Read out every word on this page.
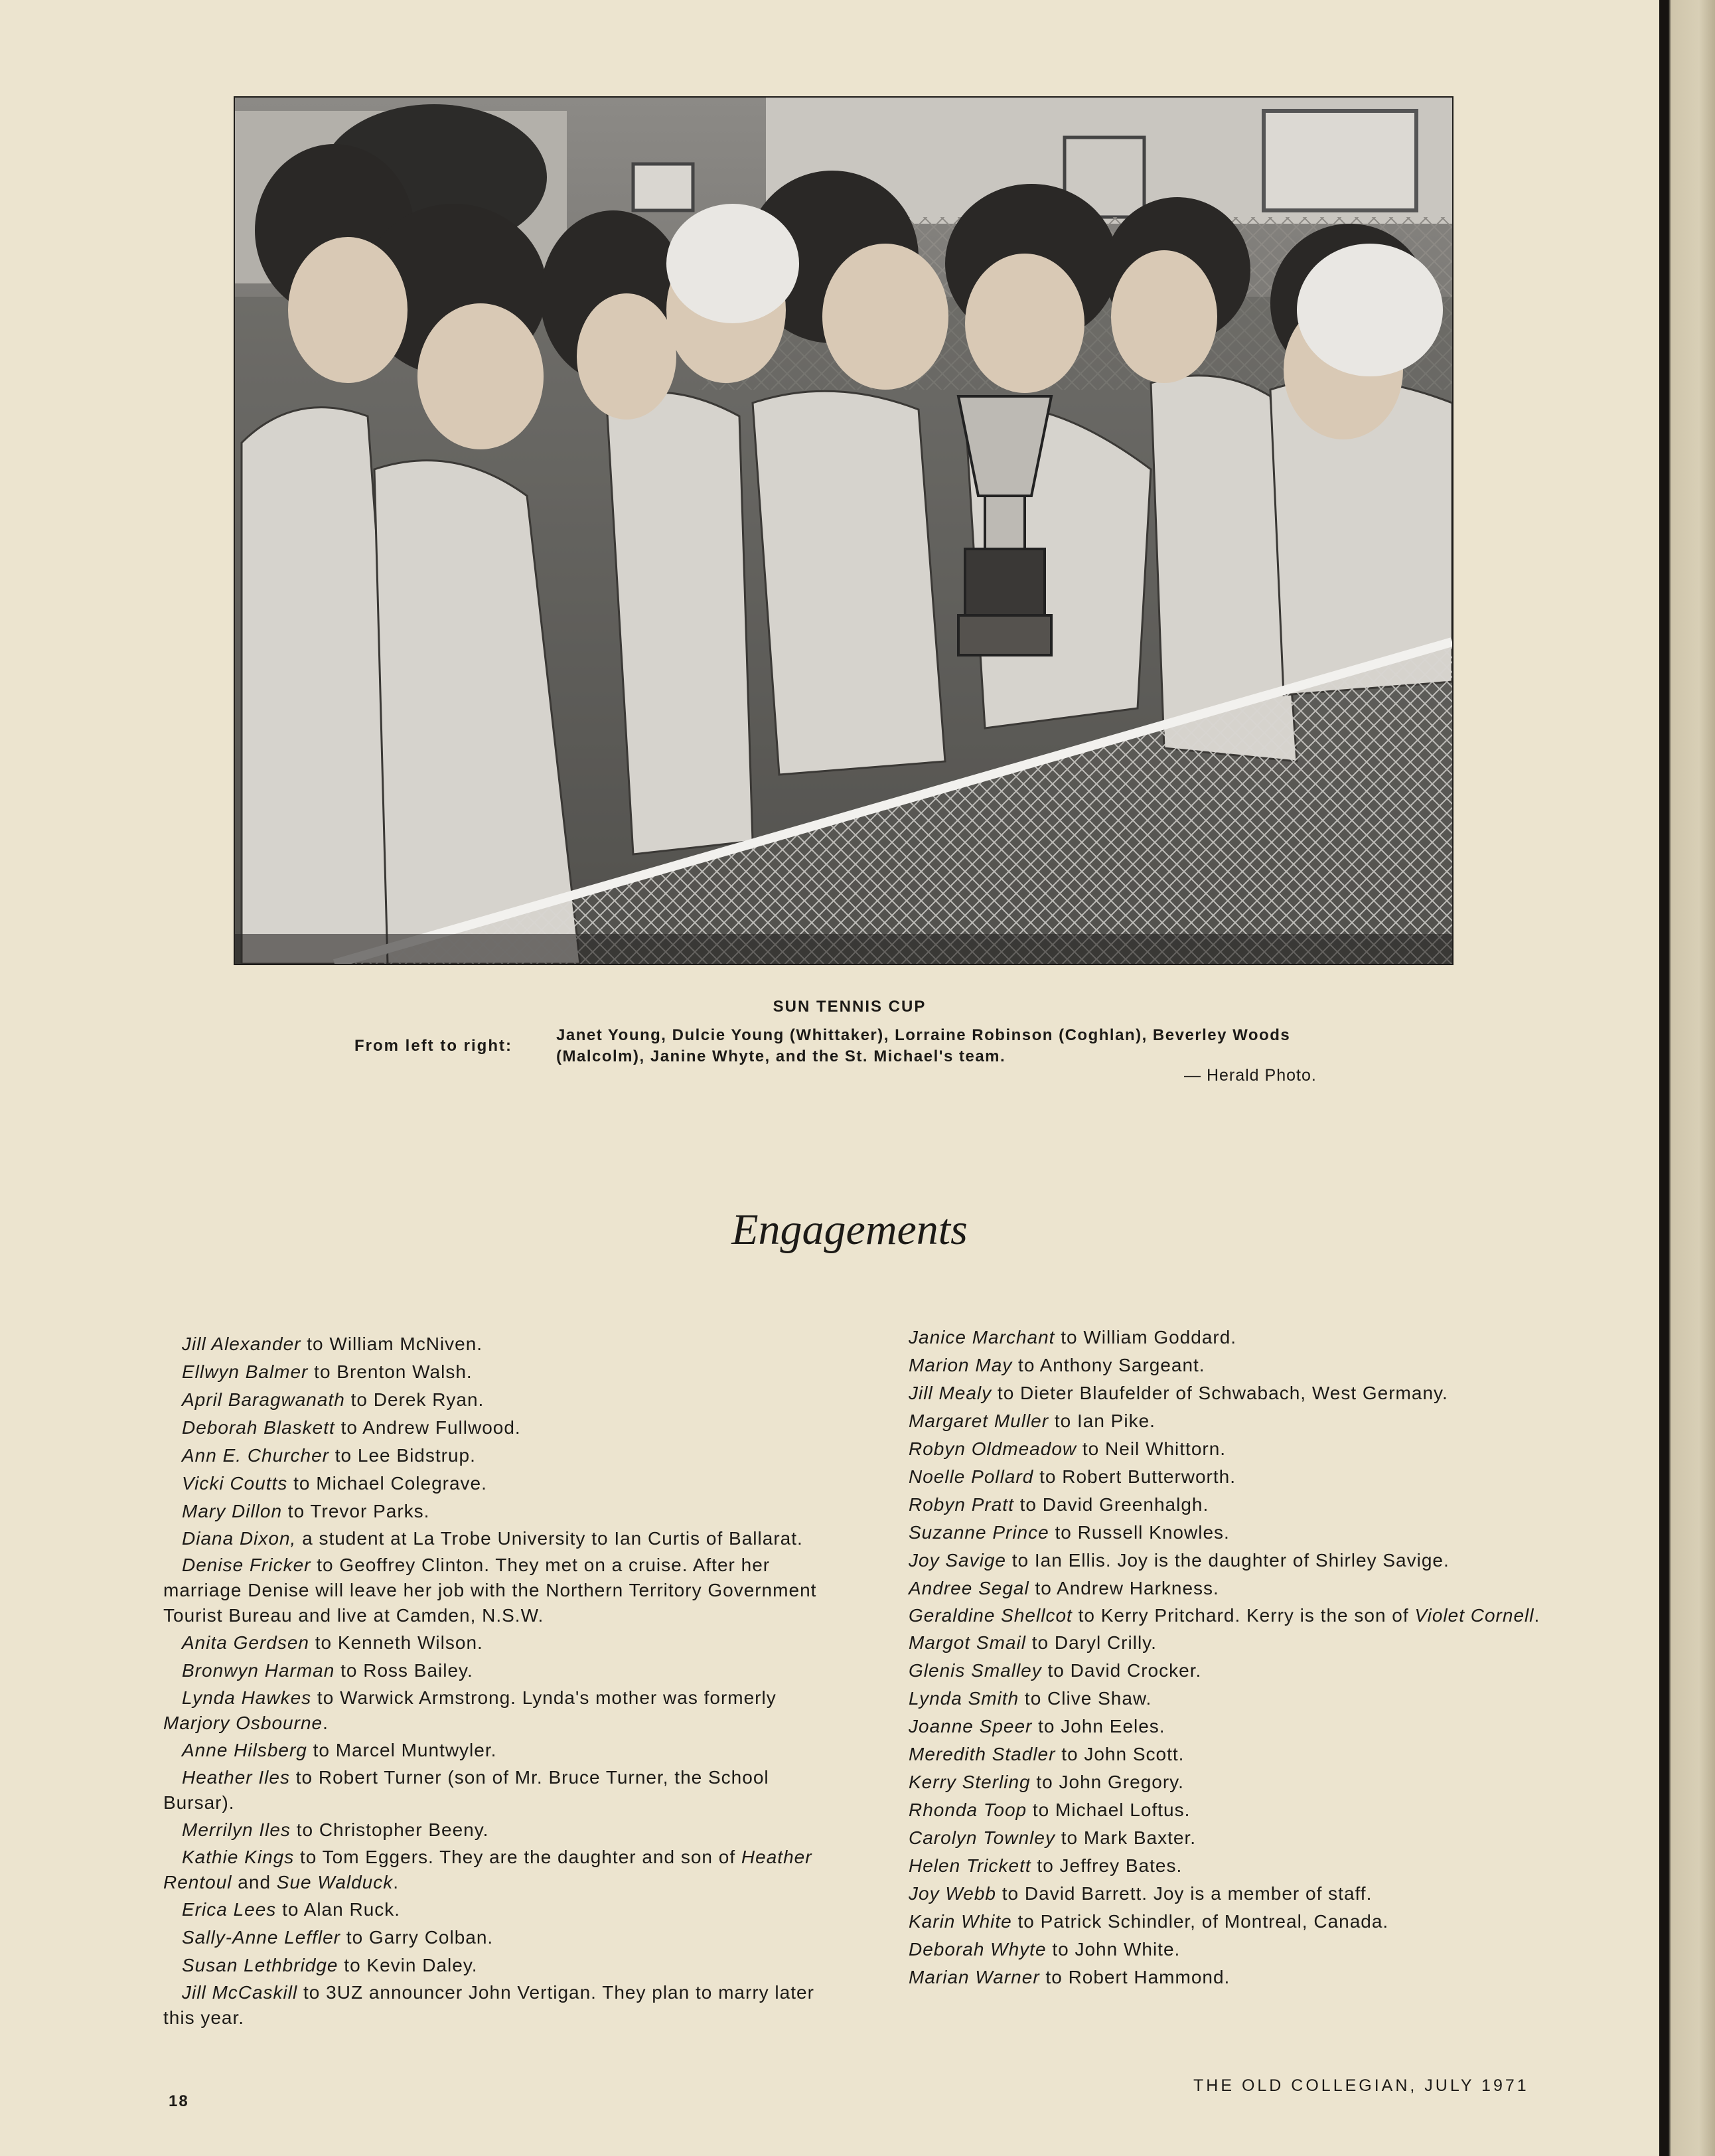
SUN TENNIS CUP
From left to right:
Janet Young, Dulcie Young (Whittaker), Lorraine Robinson (Coghlan), Beverley Woods (Malcolm), Janine Whyte, and the St. Michael's team.
— Herald Photo.
Engagements

Jill Alexander to William McNiven.

Ellwyn Balmer to Brenton Walsh.

April Baragwanath to Derek Ryan.

Deborah Blaskett to Andrew Fullwood.

Ann E. Churcher to Lee Bidstrup.

Vicki Coutts to Michael Colegrave.

Mary Dillon to Trevor Parks.

Diana Dixon, a student at La Trobe University to Ian Curtis of Ballarat.

Denise Fricker to Geoffrey Clinton. They met on a cruise. After her marriage Denise will leave her job with the Northern Territory Government Tourist Bureau and live at Camden, N.S.W.

Anita Gerdsen to Kenneth Wilson.

Bronwyn Harman to Ross Bailey.

Lynda Hawkes to Warwick Armstrong. Lynda's mother was formerly Marjory Osbourne.

Anne Hilsberg to Marcel Muntwyler.

Heather Iles to Robert Turner (son of Mr. Bruce Turner, the School Bursar).

Merrilyn Iles to Christopher Beeny.

Kathie Kings to Tom Eggers. They are the daughter and son of Heather Rentoul and Sue Walduck.

Erica Lees to Alan Ruck.

Sally-Anne Leffler to Garry Colban.

Susan Lethbridge to Kevin Daley.

Jill McCaskill to 3UZ announcer John Vertigan. They plan to marry later this year.

Janice Marchant to William Goddard.

Marion May to Anthony Sargeant.

Jill Mealy to Dieter Blaufelder of Schwabach, West Germany.

Margaret Muller to Ian Pike.

Robyn Oldmeadow to Neil Whittorn.

Noelle Pollard to Robert Butterworth.

Robyn Pratt to David Greenhalgh.

Suzanne Prince to Russell Knowles.

Joy Savige to Ian Ellis. Joy is the daughter of Shirley Savige.

Andree Segal to Andrew Harkness.

Geraldine Shellcot to Kerry Pritchard. Kerry is the son of Violet Cornell.

Margot Smail to Daryl Crilly.

Glenis Smalley to David Crocker.

Lynda Smith to Clive Shaw.

Joanne Speer to John Eeles.

Meredith Stadler to John Scott.

Kerry Sterling to John Gregory.

Rhonda Toop to Michael Loftus.

Carolyn Townley to Mark Baxter.

Helen Trickett to Jeffrey Bates.

Joy Webb to David Barrett. Joy is a member of staff.

Karin White to Patrick Schindler, of Montreal, Canada.

Deborah Whyte to John White.

Marian Warner to Robert Hammond.

18
THE OLD COLLEGIAN, JULY 1971
